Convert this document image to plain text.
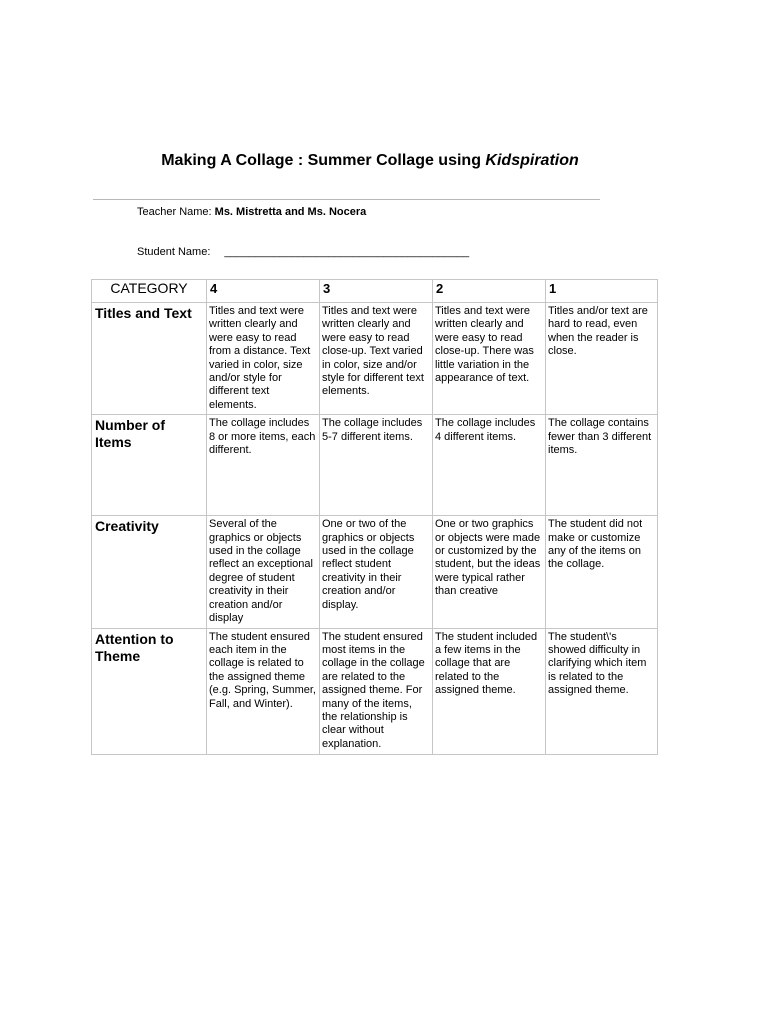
Making A Collage : Summer Collage using Kidspiration
Teacher Name: Ms. Mistretta and Ms. Nocera
Student Name: ________________________________________
CATEGORY	4	3	2	1
Titles and Text	Titles and text were written clearly and were easy to read from a distance. Text varied in color, size and/or style for different text elements.	Titles and text were written clearly and were easy to read close-up. Text varied in color, size and/or style for different text elements.	Titles and text were written clearly and were easy to read close-up. There was little variation in the appearance of text.	Titles and/or text are hard to read, even when the reader is close.
Number of Items	The collage includes 8 or more items, each different.	The collage includes 5-7 different items.	The collage includes 4 different items.	The collage contains fewer than 3 different items.
Creativity	Several of the graphics or objects used in the collage reflect an exceptional degree of student creativity in their creation and/or display	One or two of the graphics or objects used in the collage reflect student creativity in their creation and/or display.	One or two graphics or objects were made or customized by the student, but the ideas were typical rather than creative	The student did not make or customize any of the items on the collage.
Attention to Theme	The student ensured each item in the collage is related to the assigned theme (e.g. Spring, Summer, Fall, and Winter).	The student ensured most items in the collage in the collage are related to the assigned theme. For many of the items, the relationship is clear without explanation.	The student included a few items in the collage that are related to the assigned theme.	The student\'s showed difficulty in clarifying which item is related to the assigned theme.
